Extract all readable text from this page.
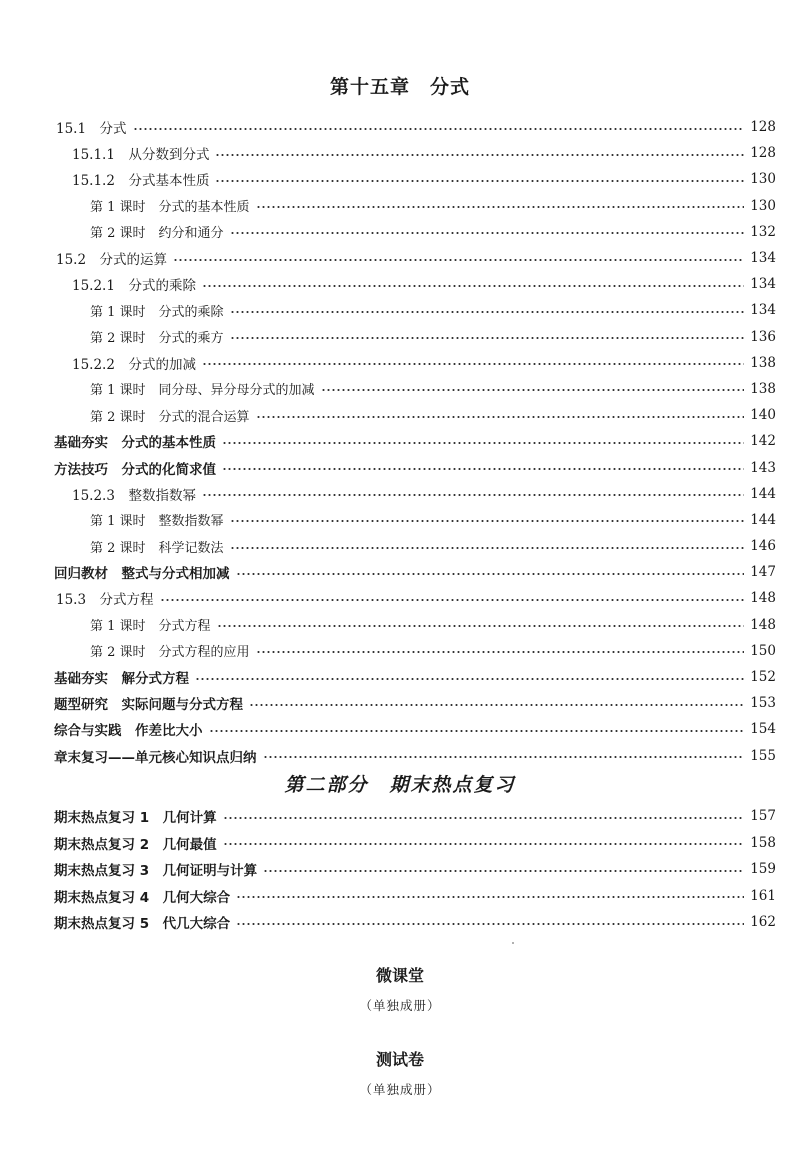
第十五章　分式
15.1　分式	128
15.1.1　从分数到分式	128
15.1.2　分式基本性质	130
第 1 课时　分式的基本性质	130
第 2 课时　约分和通分	132
15.2　分式的运算	134
15.2.1　分式的乘除	134
第 1 课时　分式的乘除	134
第 2 课时　分式的乘方	136
15.2.2　分式的加减	138
第 1 课时　同分母、异分母分式的加减	138
第 2 课时　分式的混合运算	140
基础夯实　分式的基本性质	142
方法技巧　分式的化简求值	143
15.2.3　整数指数幂	144
第 1 课时　整数指数幂	144
第 2 课时　科学记数法	146
回归教材　整式与分式相加减	147
15.3　分式方程	148
第 1 课时　分式方程	148
第 2 课时　分式方程的应用	150
基础夯实　解分式方程	152
题型研究　实际问题与分式方程	153
综合与实践　作差比大小	154
章末复习——单元核心知识点归纳	155
第二部分　期末热点复习
期末热点复习 1　几何计算	157
期末热点复习 2　几何最值	158
期末热点复习 3　几何证明与计算	159
期末热点复习 4　几何大综合	161
期末热点复习 5　代几大综合	162
微课堂
（单独成册）
测试卷
（单独成册）
